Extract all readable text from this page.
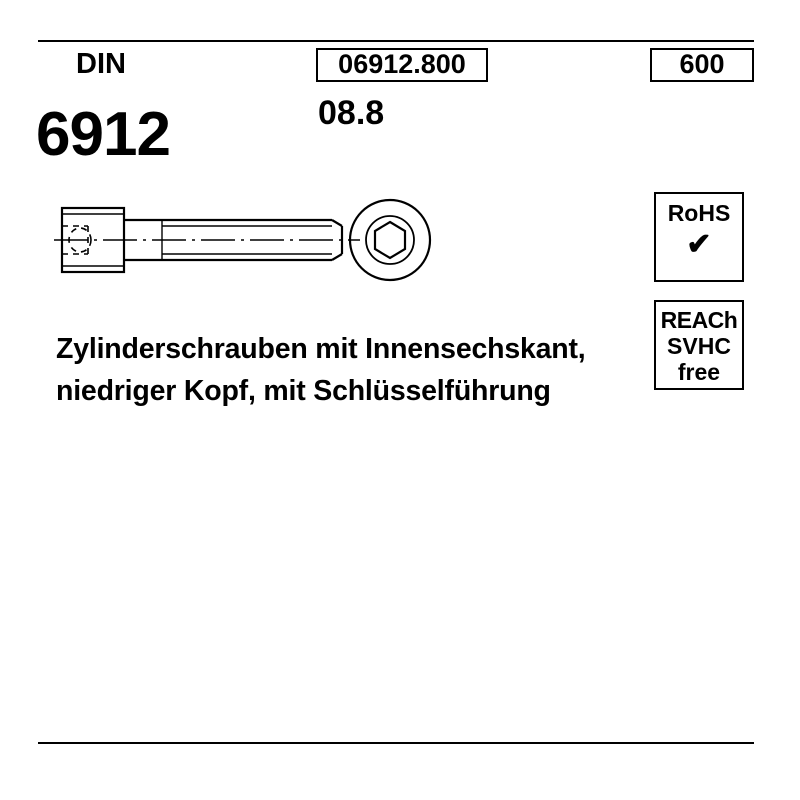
DIN	06912.800	600
6912	08.8
Zylinderschrauben mit Innensechskant,
niedriger Kopf, mit Schlüsselführung
RoHS
✔
REACh
SVHC
free
